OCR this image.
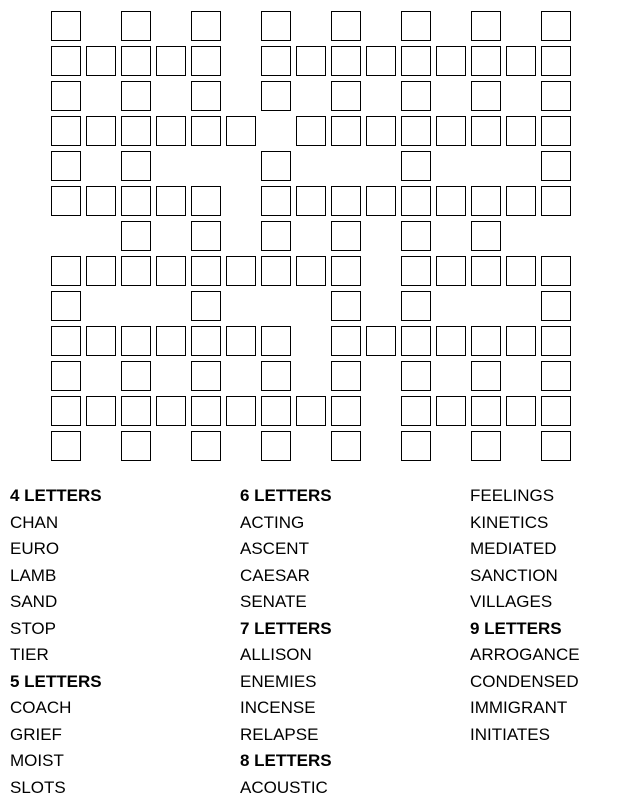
4 LETTERS
CHAN
EURO
LAMB
SAND
STOP
TIER
5 LETTERS
COACH
GRIEF
MOIST
SLOTS
6 LETTERS
ACTING
ASCENT
CAESAR
SENATE
7 LETTERS
ALLISON
ENEMIES
INCENSE
RELAPSE
8 LETTERS
ACOUSTIC
FEELINGS
KINETICS
MEDIATED
SANCTION
VILLAGES
9 LETTERS
ARROGANCE
CONDENSED
IMMIGRANT
INITIATES
